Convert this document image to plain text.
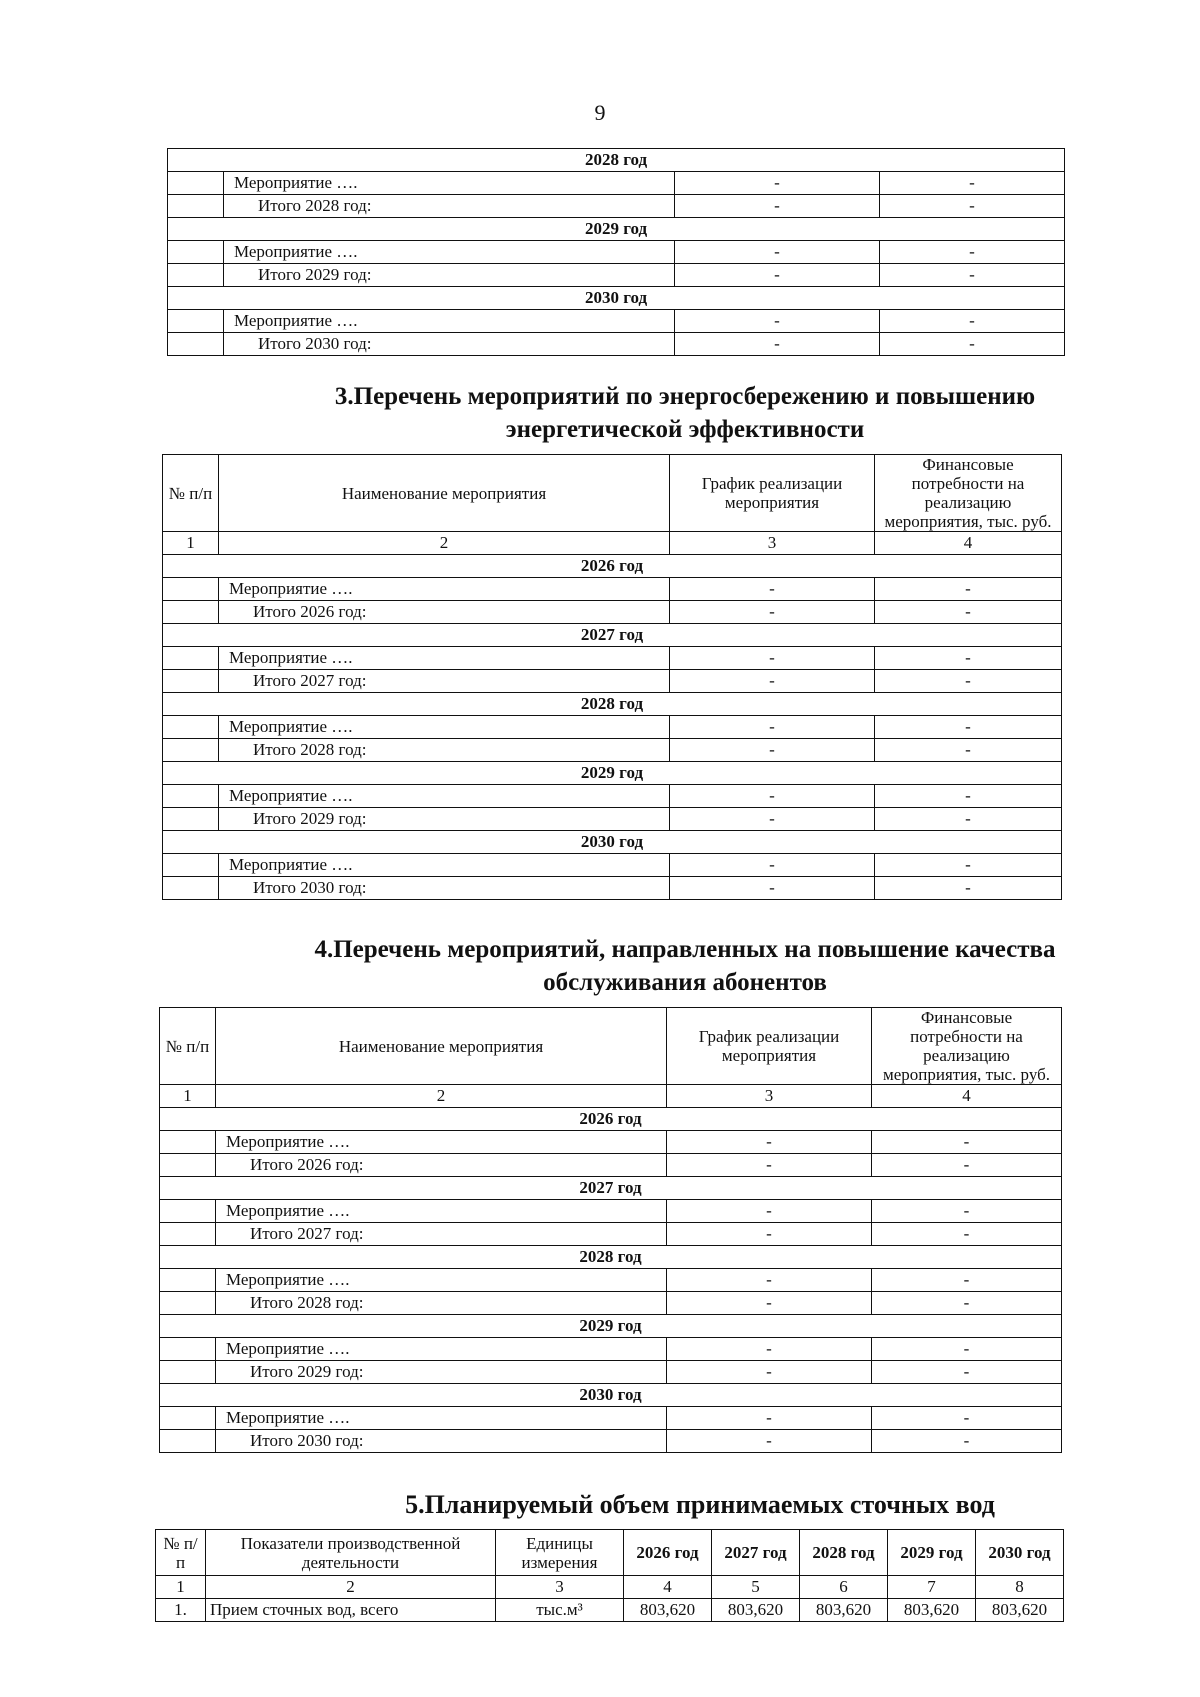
9
2028 год			
	Мероприятие ….	-	-
	Итого 2028 год:	-	-
2029 год			
	Мероприятие ….	-	-
	Итого 2029 год:	-	-
2030 год			
	Мероприятие ….	-	-
	Итого 2030 год:	-	-
3.Перечень мероприятий по энергосбережению и повышению энергетической эффективности
№ п/п	Наименование мероприятия	График реализации мероприятия	Финансовые потребности на реализацию мероприятия, тыс. руб.
1	2	3	4
2026 год			
	Мероприятие ….	-	-
	Итого 2026 год:	-	-
2027 год			
	Мероприятие ….	-	-
	Итого 2027 год:	-	-
2028 год			
	Мероприятие ….	-	-
	Итого 2028 год:	-	-
2029 год			
	Мероприятие ….	-	-
	Итого 2029 год:	-	-
2030 год			
	Мероприятие ….	-	-
	Итого 2030 год:	-	-
4.Перечень мероприятий, направленных на повышение качества обслуживания абонентов
№ п/п	Наименование мероприятия	График реализации мероприятия	Финансовые потребности на реализацию мероприятия, тыс. руб.
1	2	3	4
2026 год			
	Мероприятие ….	-	-
	Итого 2026 год:	-	-
2027 год			
	Мероприятие ….	-	-
	Итого 2027 год:	-	-
2028 год			
	Мероприятие ….	-	-
	Итого 2028 год:	-	-
2029 год			
	Мероприятие ….	-	-
	Итого 2029 год:	-	-
2030 год			
	Мероприятие ….	-	-
	Итого 2030 год:	-	-
5.Планируемый объем принимаемых сточных вод
№ п/п	Показатели производственной деятельности	Единицы измерения	2026 год	2027 год	2028 год	2029 год	2030 год
1	2	3	4	5	6	7	8
1.	Прием сточных вод, всего	тыс.м³	803,620	803,620	803,620	803,620	803,620
